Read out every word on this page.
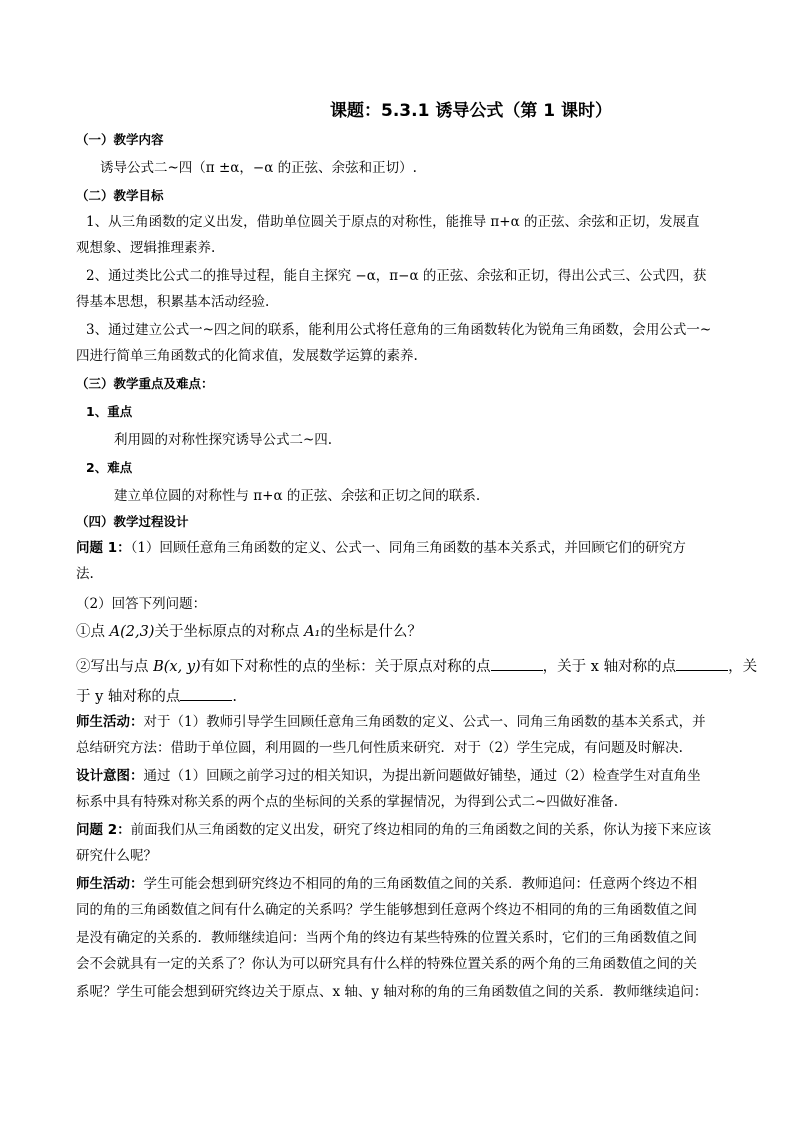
课题：5.3.1 诱导公式（第 1 课时）
（一）教学内容
诱导公式二~四（π ±α，−α 的正弦、余弦和正切）.
（二）教学目标
1、从三角函数的定义出发，借助单位圆关于原点的对称性，能推导 π+α 的正弦、余弦和正切，发展直
观想象、逻辑推理素养.
2、通过类比公式二的推导过程，能自主探究 −α，π−α 的正弦、余弦和正切，得出公式三、公式四，获
得基本思想，积累基本活动经验.
3、通过建立公式一~四之间的联系，能利用公式将任意角的三角函数转化为锐角三角函数，会用公式一~
四进行简单三角函数式的化简求值，发展数学运算的素养.
（三）教学重点及难点：
1、重点
利用圆的对称性探究诱导公式二~四.
2、难点
建立单位圆的对称性与 π+α 的正弦、余弦和正切之间的联系.
（四）教学过程设计
问题 1：（1）回顾任意角三角函数的定义、公式一、同角三角函数的基本关系式，并回顾它们的研究方
法.
（2）回答下列问题：
①点 A(2,3)关于坐标原点的对称点 A₁的坐标是什么？
②写出与点 B(x, y)有如下对称性的点的坐标：关于原点对称的点	，关于 x 轴对称的点	，关
于 y 轴对称的点	.
师生活动：对于（1）教师引导学生回顾任意角三角函数的定义、公式一、同角三角函数的基本关系式，并
总结研究方法：借助于单位圆，利用圆的一些几何性质来研究．对于（2）学生完成，有问题及时解决.
设计意图：通过（1）回顾之前学习过的相关知识，为提出新问题做好铺垫，通过（2）检查学生对直角坐
标系中具有特殊对称关系的两个点的坐标间的关系的掌握情况，为得到公式二~四做好准备.
问题 2：前面我们从三角函数的定义出发，研究了终边相同的角的三角函数之间的关系，你认为接下来应该
研究什么呢？
师生活动：学生可能会想到研究终边不相同的角的三角函数值之间的关系．教师追问：任意两个终边不相
同的角的三角函数值之间有什么确定的关系吗？学生能够想到任意两个终边不相同的角的三角函数值之间
是没有确定的关系的．教师继续追问：当两个角的终边有某些特殊的位置关系时，它们的三角函数值之间
会不会就具有一定的关系了？你认为可以研究具有什么样的特殊位置关系的两个角的三角函数值之间的关
系呢？学生可能会想到研究终边关于原点、x 轴、y 轴对称的角的三角函数值之间的关系．教师继续追问：
